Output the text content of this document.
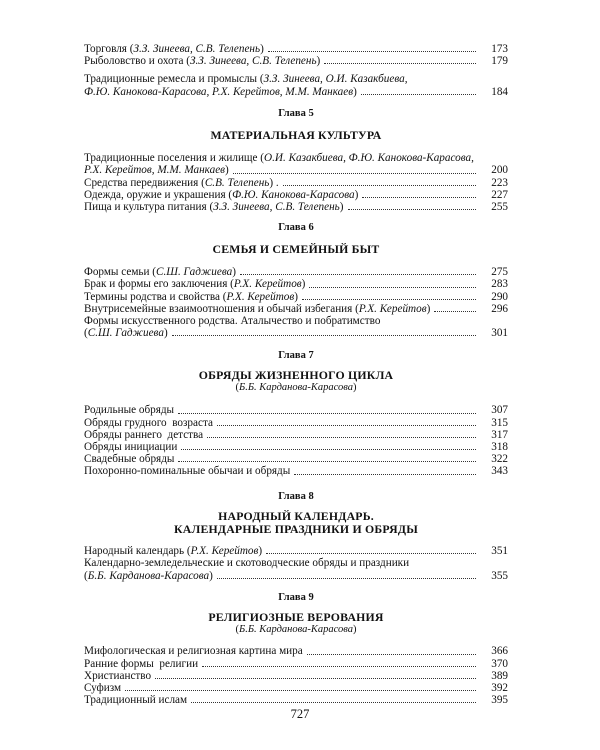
Торговля (З.З. Зинеева, С.В. Телепень)	173
Рыболовство и охота (З.З. Зинеева, С.В. Телепень)	179
Традиционные ремесла и промыслы (З.З. Зинеева, О.И. Казакбиева,
Ф.Ю. Канокова-Карасова, Р.Х. Керейтов, М.М. Манкаев)	184
Глава 5
МАТЕРИАЛЬНАЯ КУЛЬТУРА
Традиционные поселения и жилище (О.И. Казакбиева, Ф.Ю. Канокова-Карасова,
Р.Х. Керейтов, М.М. Манкаев)	200
Средства передвижения (С.В. Телепень) .	223
Одежда, оружие и украшения (Ф.Ю. Канокова-Карасова)	227
Пища и культура питания (З.З. Зинеева, С.В. Телепень)	255
Глава 6
СЕМЬЯ И СЕМЕЙНЫЙ БЫТ
Формы семьи (С.Ш. Гаджиева)	275
Брак и формы его заключения (Р.Х. Керейтов)	283
Термины родства и свойства (Р.Х. Керейтов)	290
Внутрисемейные взаимоотношения и обычай избегания (Р.Х. Керейтов)	296
Формы искусственного родства. Аталычество и побратимство
(С.Ш. Гаджиева)	301
Глава 7
ОБРЯДЫ ЖИЗНЕННОГО ЦИКЛА
(Б.Б. Карданова-Карасова)
Родильные обряды	307
Обряды грудного  возраста	315
Обряды раннего  детства	317
Обряды инициации	318
Свадебные обряды	322
Похоронно-поминальные обычаи и обряды	343
Глава 8
НАРОДНЫЙ КАЛЕНДАРЬ.
КАЛЕНДАРНЫЕ ПРАЗДНИКИ И ОБРЯДЫ
Народный календарь (Р.Х. Керейтов)	351
Календарно-земледельческие и скотоводческие обряды и праздники
(Б.Б. Карданова-Карасова)	355
Глава 9
РЕЛИГИОЗНЫЕ ВЕРОВАНИЯ
(Б.Б. Карданова-Карасова)
Мифологическая и религиозная картина мира	366
Ранние формы  религии	370
Христианство	389
Суфизм	392
Традиционный ислам	395
727
